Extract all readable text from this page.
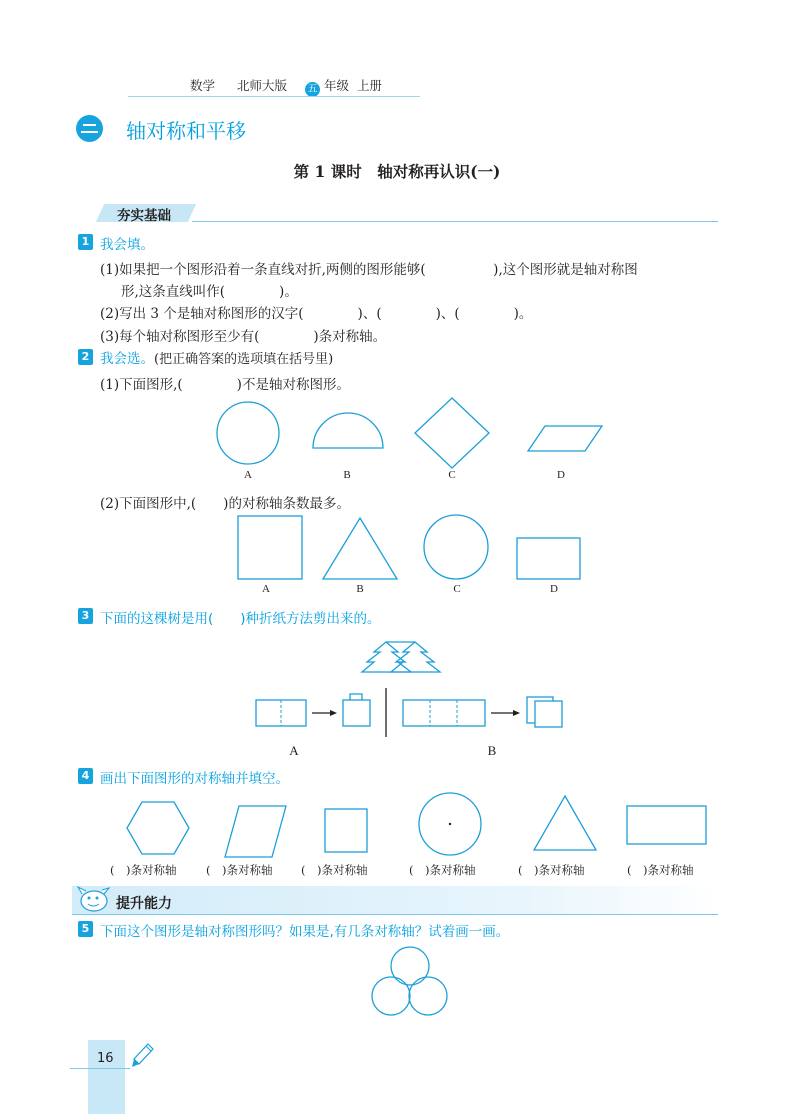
数学 北师大版 五 年级 上册
轴对称和平移
第 1 课时　轴对称再认识(一)
夯实基础
1 我会填。
(1)如果把一个图形沿着一条直线对折,两侧的图形能够(　　　　　),这个图形就是轴对称图
形,这条直线叫作(　　　　)。
(2)写出 3 个是轴对称图形的汉字(　　　　)、(　　　　)、(　　　　)。
(3)每个轴对称图形至少有(　　　　)条对称轴。
2 我会选。(把正确答案的选项填在括号里)
(1)下面图形,(　　　　)不是轴对称图形。
A	B	C	D
(2)下面图形中,(　　)的对称轴条数最多。
A	B	C	D
3 下面的这棵树是用(　　)种折纸方法剪出来的。
A	B
4 画出下面图形的对称轴并填空。
(　)条对称轴	(　)条对称轴 (　)条对称轴	(　)条对称轴	(　)条对称轴	(　)条对称轴
提升能力
5 下面这个图形是轴对称图形吗？如果是,有几条对称轴？试着画一画。
16
